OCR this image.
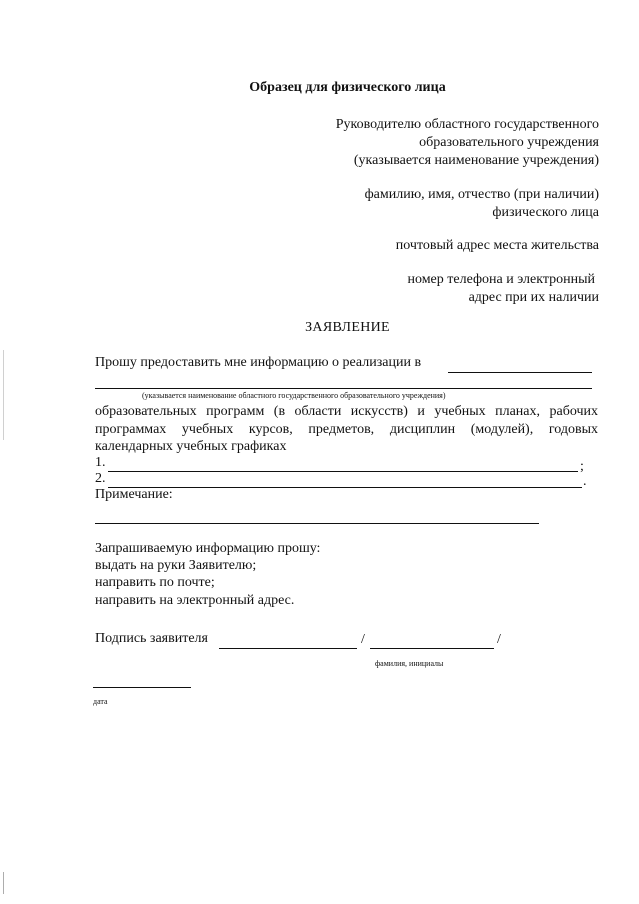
Образец для физического лица
Руководителю областного государственного
образовательного учреждения
(указывается наименование учреждения)
фамилию, имя, отчество (при наличии)
физического лица
почтовый адрес места жительства
номер телефона и электронный
адрес при их наличии
ЗАЯВЛЕНИЕ
Прошу предоставить мне информацию о реализации в
(указывается наименование областного государственного образовательного учреждения)
образовательных программ (в области искусств) и учебных планах, рабочих
программах учебных курсов, предметов, дисциплин (модулей), годовых
календарных учебных графиках
1.	;
2.	.
Примечание:
Запрашиваемую информацию прошу:
выдать на руки Заявителю;
направить по почте;
направить на электронный адрес.
Подпись заявителя	/	/
фамилия, инициалы
дата
